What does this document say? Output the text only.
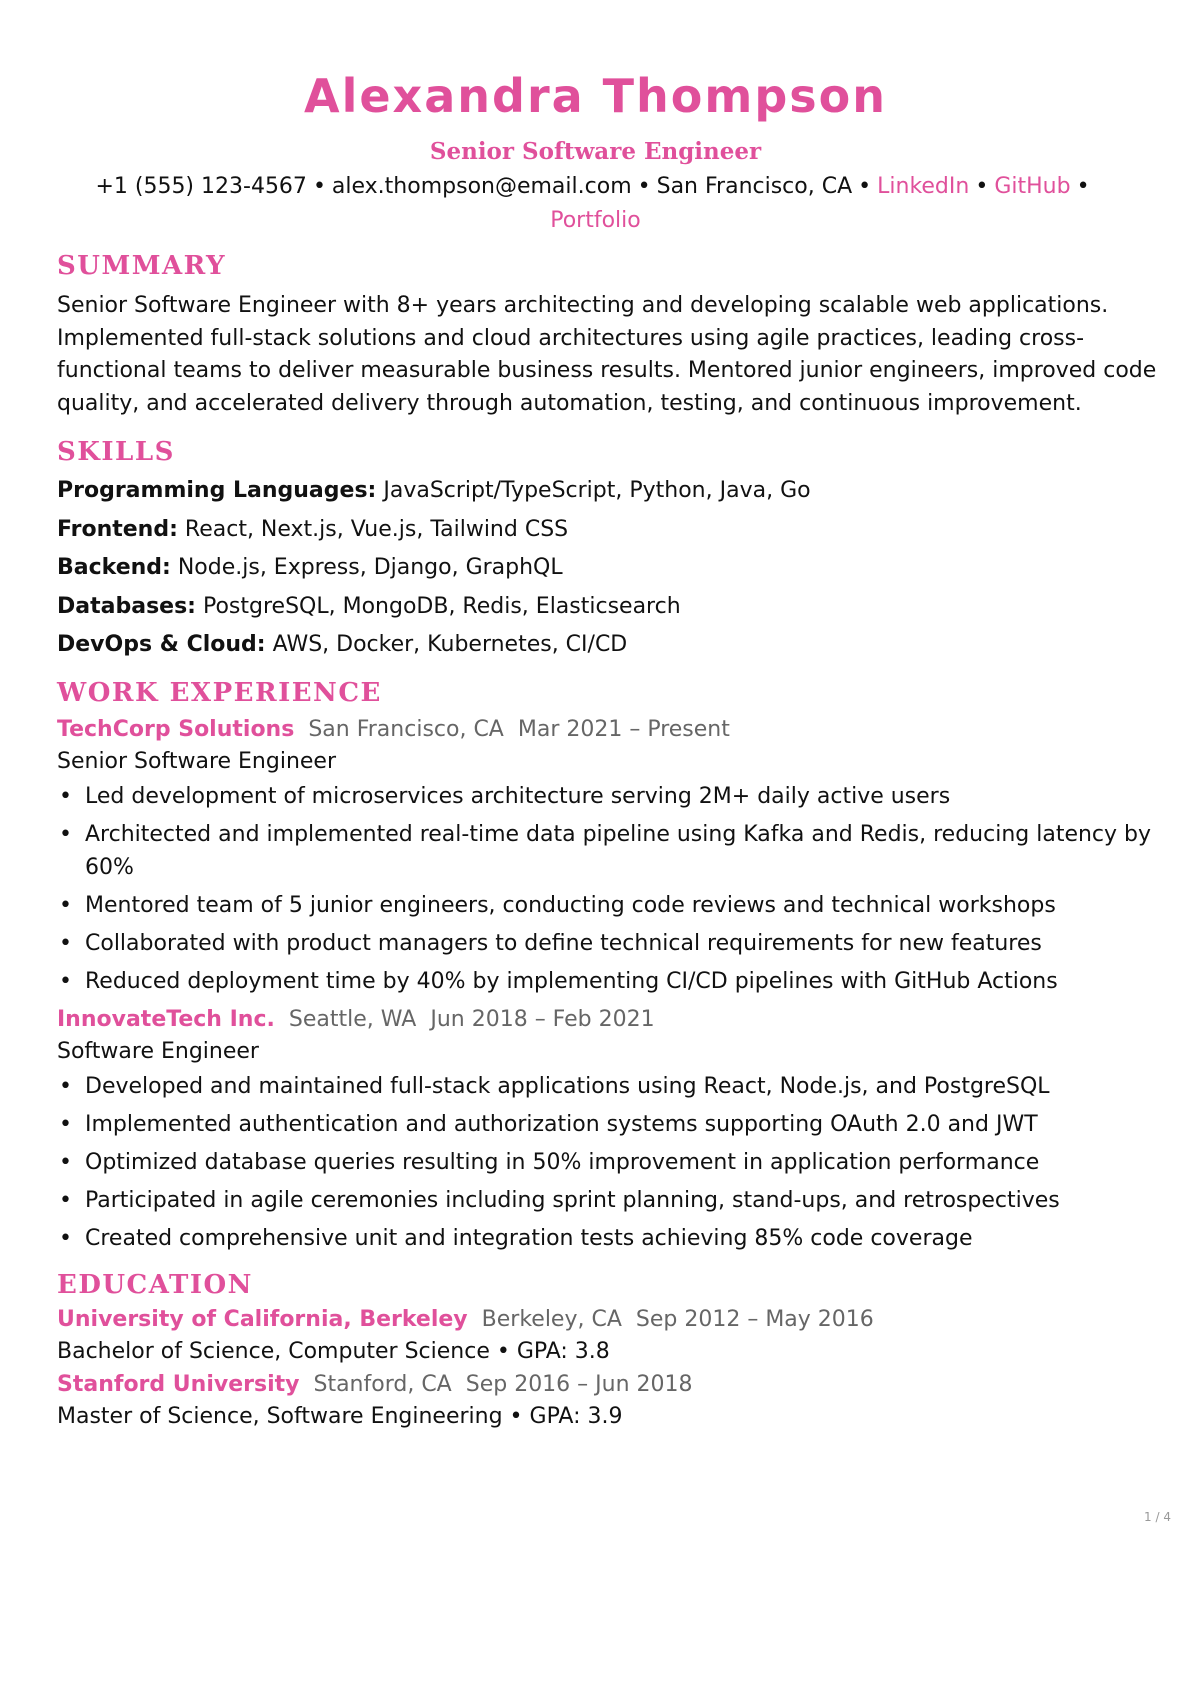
Alexandra Thompson
Senior Software Engineer
+1 (555) 123-4567 • alex.thompson@email.com • San Francisco, CA • LinkedIn • GitHub •
Portfolio
SUMMARY

Senior Software Engineer with 8+ years architecting and developing scalable web applications. Implemented full-stack solutions and cloud architectures using agile practices, leading cross-functional teams to deliver measurable business results. Mentored junior engineers, improved code quality, and accelerated delivery through automation, testing, and continuous improvement.

SKILLS
Programming Languages: JavaScript/TypeScript, Python, Java, Go
Frontend: React, Next.js, Vue.js, Tailwind CSS
Backend: Node.js, Express, Django, GraphQL
Databases: PostgreSQL, MongoDB, Redis, Elasticsearch
DevOps & Cloud: AWS, Docker, Kubernetes, CI/CD
WORK EXPERIENCE
TechCorp Solutions San Francisco, CA Mar 2021 – Present
Senior Software Engineer
• Led development of microservices architecture serving 2M+ daily active users
• Architected and implemented real-time data pipeline using Kafka and Redis, reducing latency by 60%
• Mentored team of 5 junior engineers, conducting code reviews and technical workshops
• Collaborated with product managers to define technical requirements for new features
• Reduced deployment time by 40% by implementing CI/CD pipelines with GitHub Actions
InnovateTech Inc. Seattle, WA Jun 2018 – Feb 2021
Software Engineer
• Developed and maintained full-stack applications using React, Node.js, and PostgreSQL
• Implemented authentication and authorization systems supporting OAuth 2.0 and JWT
• Optimized database queries resulting in 50% improvement in application performance
• Participated in agile ceremonies including sprint planning, stand-ups, and retrospectives
• Created comprehensive unit and integration tests achieving 85% code coverage
EDUCATION
University of California, Berkeley Berkeley, CA Sep 2012 – May 2016
Bachelor of Science, Computer Science • GPA: 3.8
Stanford University Stanford, CA Sep 2016 – Jun 2018
Master of Science, Software Engineering • GPA: 3.9
1 / 4
